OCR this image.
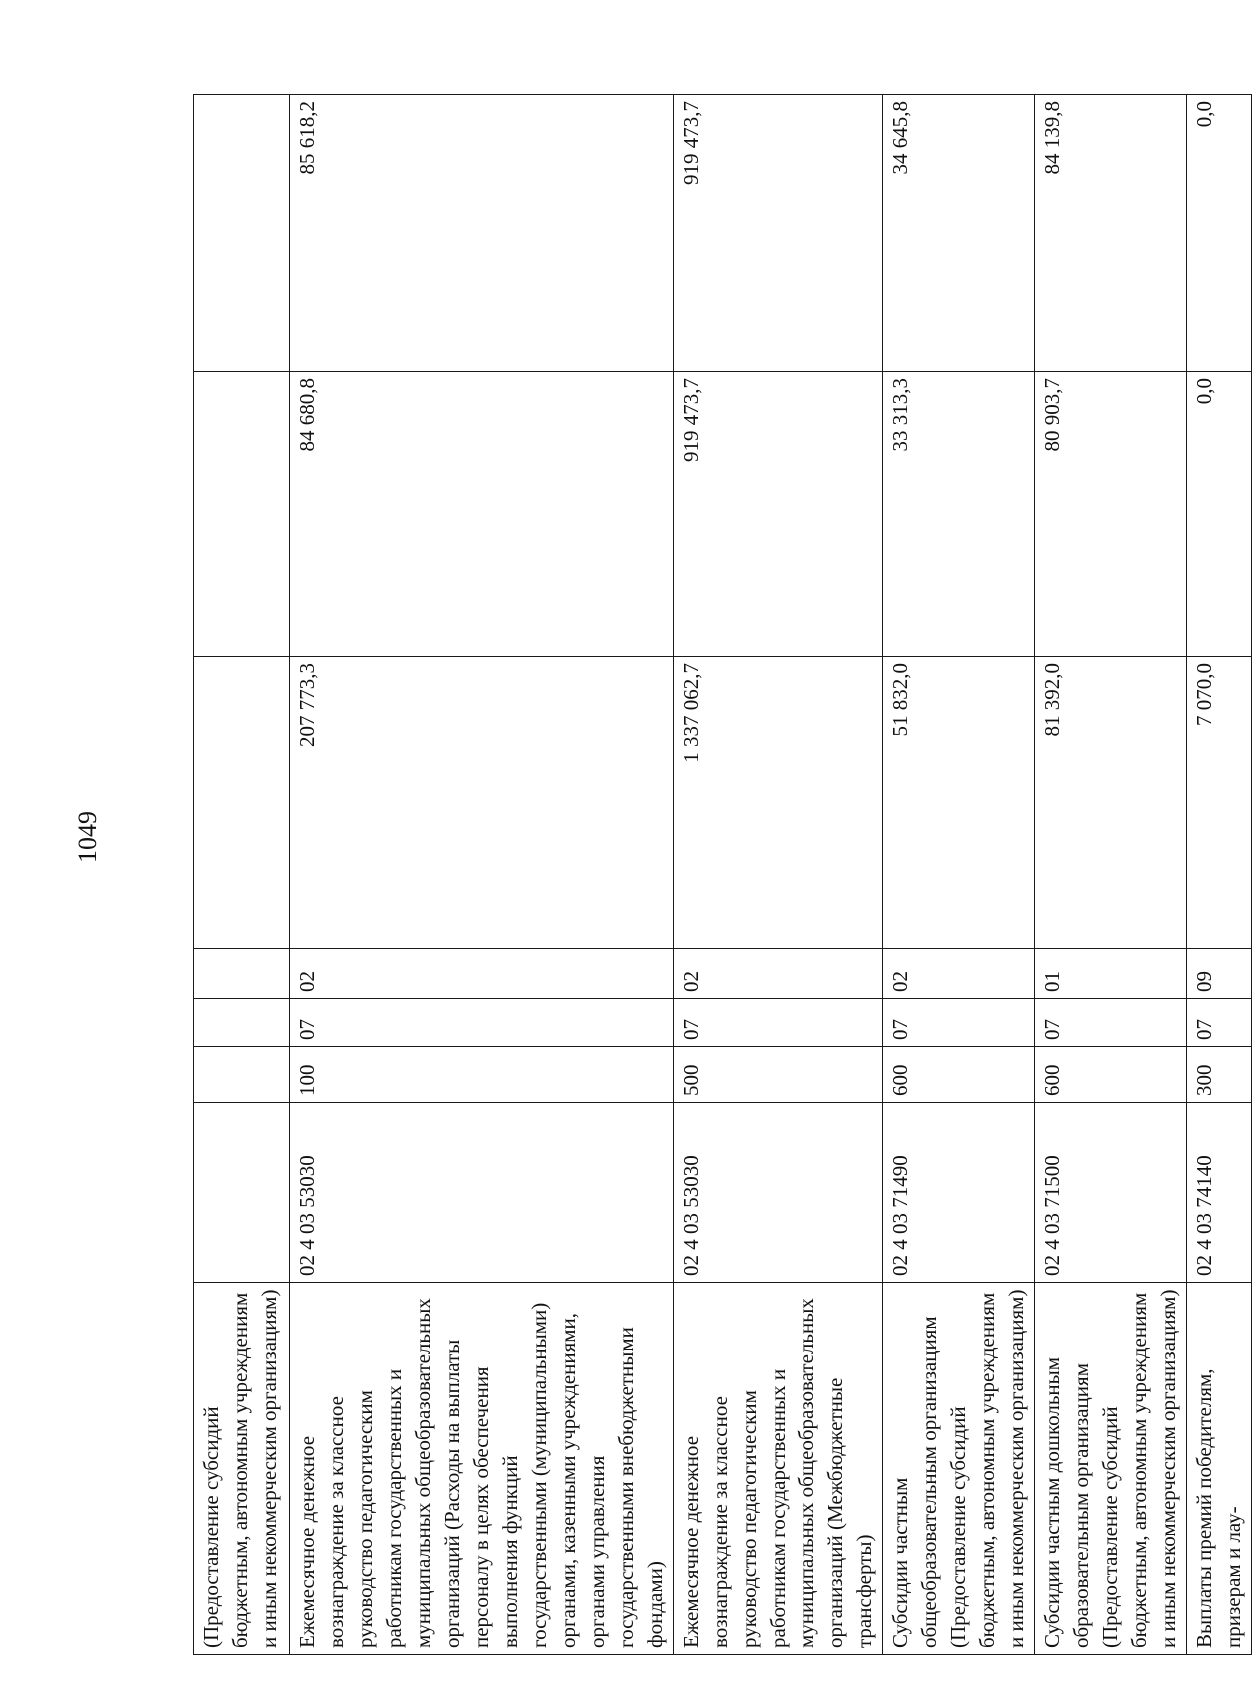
1049
(Предоставление субсидий бюджетным, автономным учреждениям и иным некоммерческим организациям)							
Ежемесячное денежное вознаграждение за классное руководство педагогическим работникам государственных и муниципальных общеобразовательных организаций (Расходы на выплаты персоналу в целях обеспечения выполнения функций государственными (муниципальными) органами, казенными учреждениями, органами управления государственными внебюджетными фондами)	02 4 03 53030	100	07	02	207 773,3	84 680,8	85 618,2
Ежемесячное денежное вознаграждение за классное руководство педагогическим работникам государственных и муниципальных общеобразовательных организаций (Межбюджетные трансферты)	02 4 03 53030	500	07	02	1 337 062,7	919 473,7	919 473,7
Субсидии частным общеобразовательным организациям (Предоставление субсидий бюджетным, автономным учреждениям и иным некоммерческим организациям)	02 4 03 71490	600	07	02	51 832,0	33 313,3	34 645,8
Субсидии частным дошкольным образовательным организациям (Предоставление субсидий бюджетным, автономным учреждениям и иным некоммерческим организациям)	02 4 03 71500	600	07	01	81 392,0	80 903,7	84 139,8
Выплаты премий победителям, призерам и лау-	02 4 03 74140	300	07	09	7 070,0	0,0	0,0
